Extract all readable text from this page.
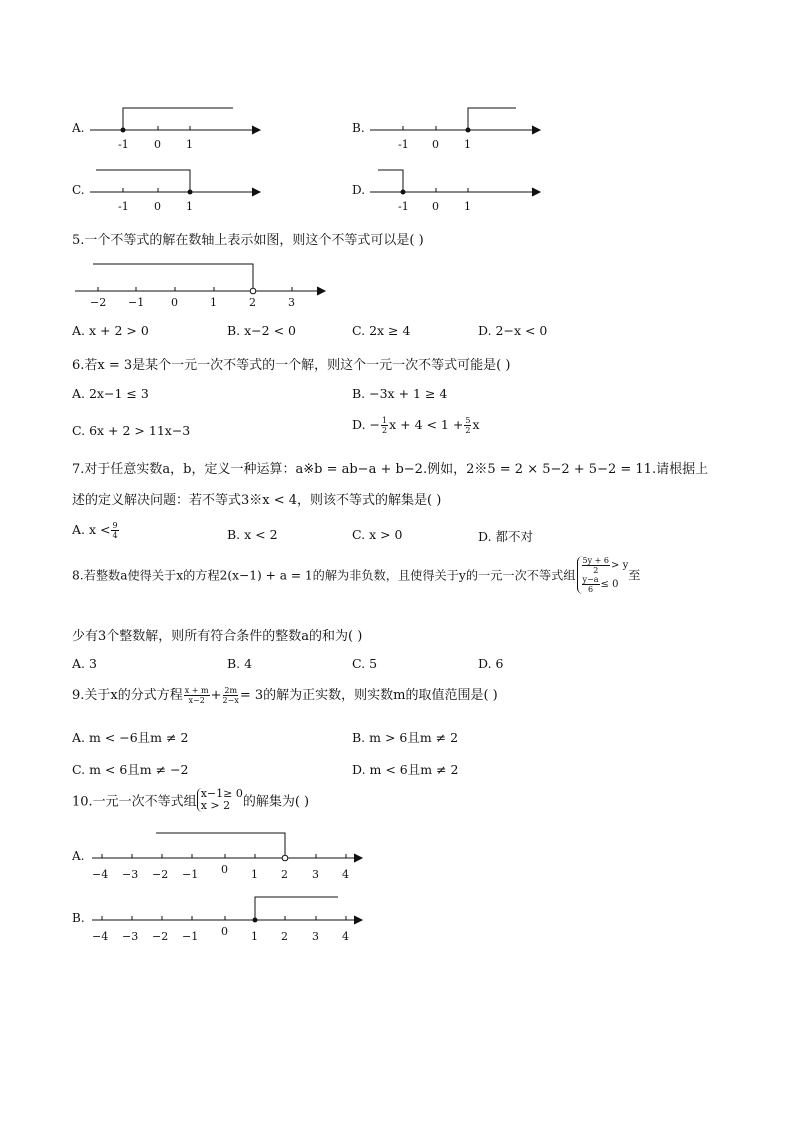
A.
-1 0 1
B.
-1 0 1
C.
-1 0 1
D.
-1 0 1
5.一个不等式的解在数轴上表示如图，则这个不等式可以是( )
−2 −1 0	1	2	3
A. x + 2 > 0	B. x−2 < 0	C. 2x ≥ 4	D. 2−x < 0
6.若x = 3是某个一元一次不等式的一个解，则这个一元一次不等式可能是( )
A. 2x−1 ≤ 3	B. −3x + 1 ≥ 4
C. 6x + 2 > 11x−3	D. − $\frac{1}{2}$ $x + 4 < 1 + \frac{5}{2}$ x
7.对于任意实数a，b，定义一种运算：a※b = ab−a + b−2.例如，2※5 = 2 × 5−2 + 5−2 = 11.请根据上
述的定义解决问题：若不等式3※x < 4，则该不等式的解集是( )
A. $x < \frac{9}{4}$	B. x < 2	C. x > 0	D. 都不对
8.若整数a使得关于x的方程2(x−1) + a = 1的解为非负数，且使得关于y的一元一次不等式组
$\frac{5y + 6}{2} > y$
$\frac{y-a}{6} \le 0$
至
少有3个整数解，则所有符合条件的整数a的和为( )
A. 3	B. 4	C. 5	D. 6
9.关于x的分式方程 $\frac{x + m}{x-2} + \frac{2m}{2-x} = 3$的解为正实数，则实数m的取值范围是( )
A. m < −6且m ≠ 2	B. m > 6且m ≠ 2
C. m < 6且m ≠ −2	D. m < 6且m ≠ 2
10.一元一次不等式组
x−1≥ 0
x > 2 的解集为( )
A.
−4 −3 −2 −1 0 1 2 3 4
B.
−4 −3 −2 −1 0 1 2 3 4
